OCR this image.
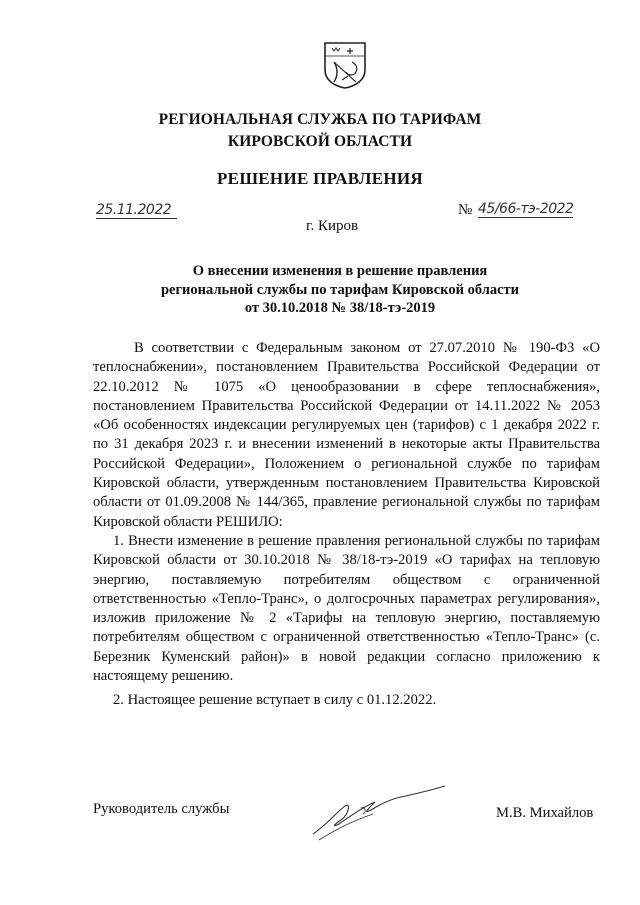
РЕГИОНАЛЬНАЯ СЛУЖБА ПО ТАРИФАМ
КИРОВСКОЙ ОБЛАСТИ
РЕШЕНИЕ ПРАВЛЕНИЯ
25.11.2022	№ 45/66-тэ-2022
г. Киров
О внесении изменения в решение правления региональной службы по тарифам Кировской области от 30.10.2018 № 38/18-тэ-2019

В соответствии с Федеральным законом от 27.07.2010 № 190-ФЗ «О теплоснабжении», постановлением Правительства Российской Федерации от 22.10.2012 № 1075 «О ценообразовании в сфере теплоснабжения», постановлением Правительства Российской Федерации от 14.11.2022 № 2053 «Об особенностях индексации регулируемых цен (тарифов) с 1 декабря 2022 г. по 31 декабря 2023 г. и внесении изменений в некоторые акты Правительства Российской Федерации», Положением о региональной службе по тарифам Кировской области, утвержденным постановлением Правительства Кировской области от 01.09.2008 № 144/365, правление региональной службы по тарифам Кировской области РЕШИЛО:

1. Внести изменение в решение правления региональной службы по тарифам Кировской области от 30.10.2018 № 38/18-тэ-2019 «О тарифах на тепловую энергию, поставляемую потребителям обществом с ограниченной ответственностью «Тепло-Транс», о долгосрочных параметрах регулирования», изложив приложение № 2 «Тарифы на тепловую энергию, поставляемую потребителям обществом с ограниченной ответственностью «Тепло-Транс» (с. Березник Куменский район)» в новой редакции согласно приложению к настоящему решению.

2. Настоящее решение вступает в силу с 01.12.2022.

Руководитель службы	М.В. Михайлов
